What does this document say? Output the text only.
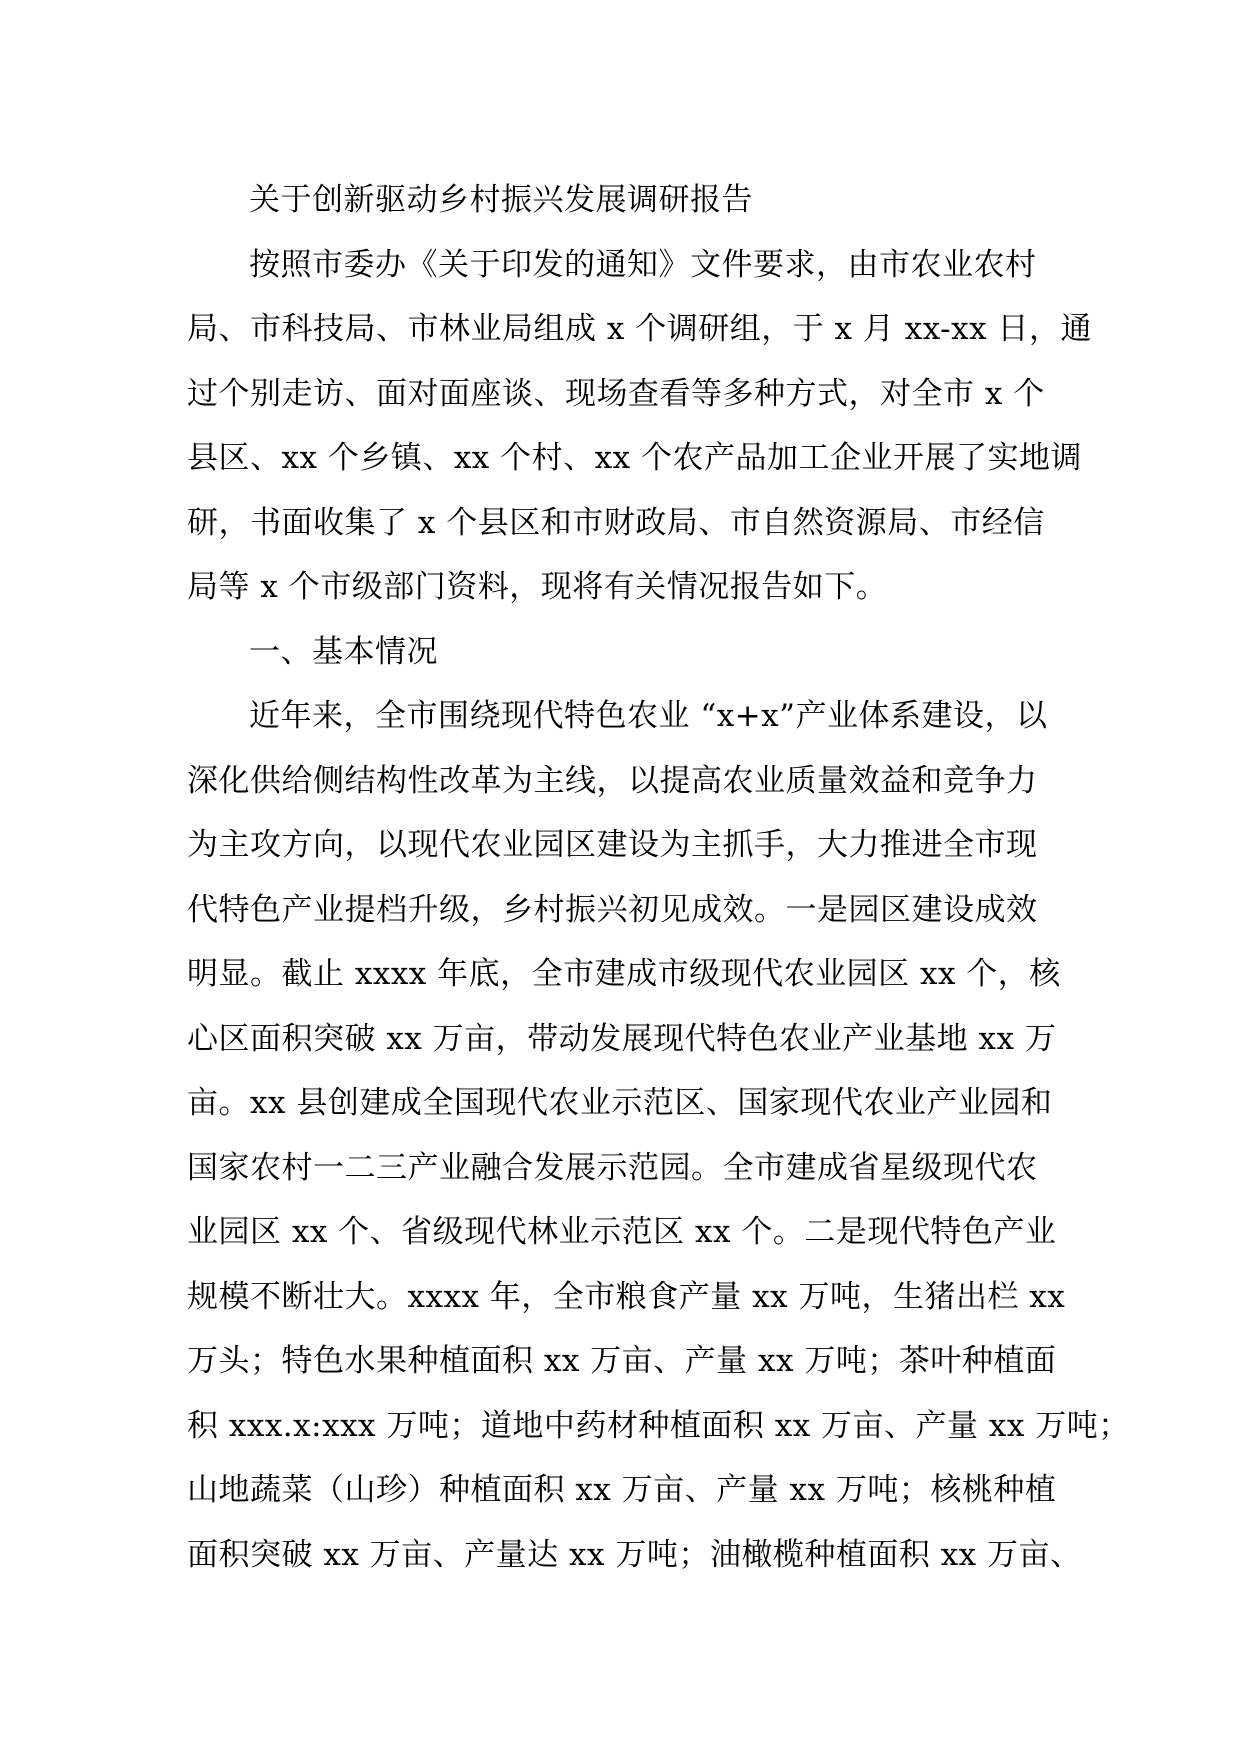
关于创新驱动乡村振兴发展调研报告
按照市委办《关于印发的通知》文件要求，由市农业农村
局、市科技局、市林业局组成 x 个调研组，于 x 月 xx-xx 日，通
过个别走访、面对面座谈、现场查看等多种方式，对全市 x 个
县区、xx 个乡镇、xx 个村、xx 个农产品加工企业开展了实地调
研，书面收集了 x 个县区和市财政局、市自然资源局、市经信
局等 x 个市级部门资料，现将有关情况报告如下。
一、基本情况
近年来，全市围绕现代特色农业 “x+x”产业体系建设，以
深化供给侧结构性改革为主线，以提高农业质量效益和竞争力
为主攻方向，以现代农业园区建设为主抓手，大力推进全市现
代特色产业提档升级，乡村振兴初见成效。一是园区建设成效
明显。截止 xxxx 年底，全市建成市级现代农业园区 xx 个，核
心区面积突破 xx 万亩，带动发展现代特色农业产业基地 xx 万
亩。xx 县创建成全国现代农业示范区、国家现代农业产业园和
国家农村一二三产业融合发展示范园。全市建成省星级现代农
业园区 xx 个、省级现代林业示范区 xx 个。二是现代特色产业
规模不断壮大。xxxx 年，全市粮食产量 xx 万吨，生猪出栏 xx
万头；特色水果种植面积 xx 万亩、产量 xx 万吨；茶叶种植面
积 xxx.x:xxx 万吨；道地中药材种植面积 xx 万亩、产量 xx 万吨；
山地蔬菜（山珍）种植面积 xx 万亩、产量 xx 万吨；核桃种植
面积突破 xx 万亩、产量达 xx 万吨；油橄榄种植面积 xx 万亩、
